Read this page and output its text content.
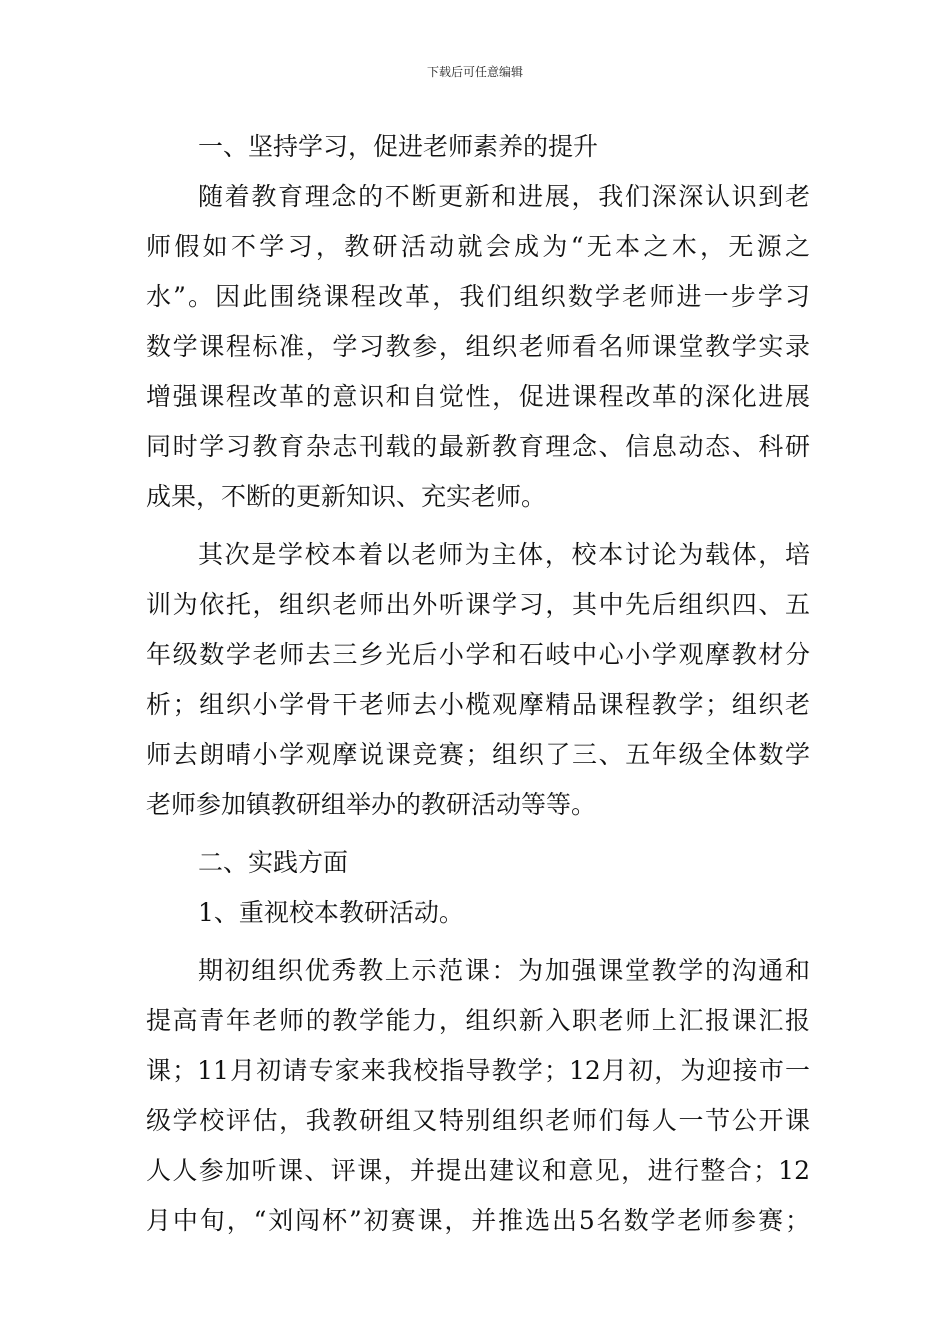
下载后可任意编辑
一、坚持学习，促进老师素养的提升
随着教育理念的不断更新和进展，我们深深认识到老
师假如不学习，教研活动就会成为“无本之木，无源之
水”。因此围绕课程改革，我们组织数学老师进一步学习
数学课程标准，学习教参，组织老师看名师课堂教学实录
增强课程改革的意识和自觉性，促进课程改革的深化进展
同时学习教育杂志刊载的最新教育理念、信息动态、科研
成果，不断的更新知识、充实老师。
其次是学校本着以老师为主体，校本讨论为载体，培
训为依托，组织老师出外听课学习，其中先后组织四、五
年级数学老师去三乡光后小学和石岐中心小学观摩教材分
析；组织小学骨干老师去小榄观摩精品课程教学；组织老
师去朗晴小学观摩说课竞赛；组织了三、五年级全体数学
老师参加镇教研组举办的教研活动等等。
二、实践方面
1、重视校本教研活动。
期初组织优秀教上示范课：为加强课堂教学的沟通和
提高青年老师的教学能力，组织新入职老师上汇报课汇报
课；11月初请专家来我校指导教学；12月初，为迎接市一
级学校评估，我教研组又特别组织老师们每人一节公开课
人人参加听课、评课，并提出建议和意见，进行整合；12
月中旬，“刘闯杯”初赛课，并推选出5名数学老师参赛；
